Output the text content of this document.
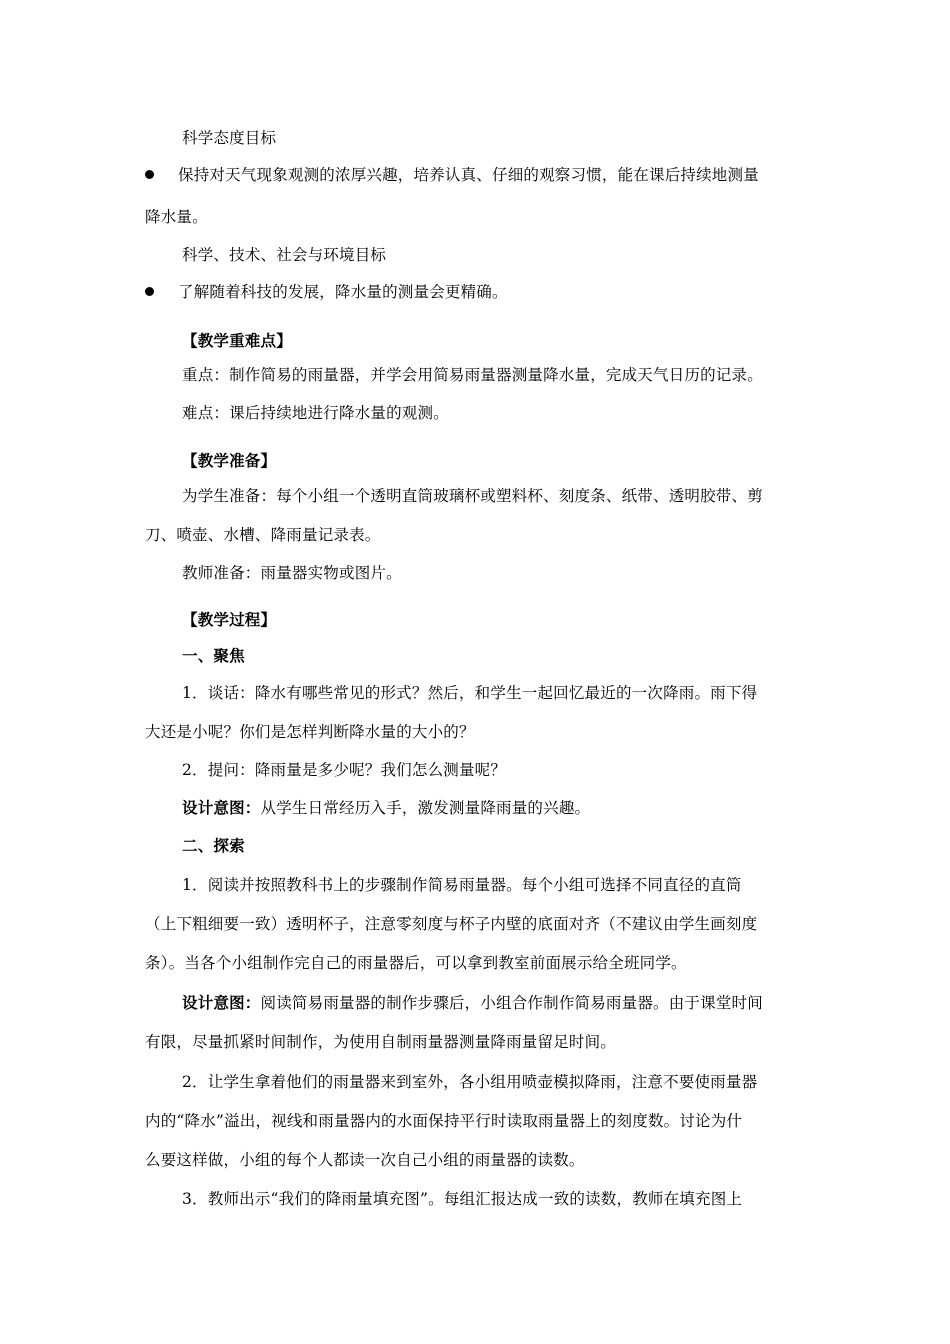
科学态度目标
保持对天气现象观测的浓厚兴趣，培养认真、仔细的观察习惯，能在课后持续地测量
降水量。
科学、技术、社会与环境目标
了解随着科技的发展，降水量的测量会更精确。
【教学重难点】
重点：制作简易的雨量器，并学会用简易雨量器测量降水量，完成天气日历的记录。
难点：课后持续地进行降水量的观测。
【教学准备】
为学生准备：每个小组一个透明直筒玻璃杯或塑料杯、刻度条、纸带、透明胶带、剪
刀、喷壶、水槽、降雨量记录表。
教师准备：雨量器实物或图片。
【教学过程】
一、聚焦
1．谈话：降水有哪些常见的形式？然后，和学生一起回忆最近的一次降雨。雨下得
大还是小呢？你们是怎样判断降水量的大小的？
2．提问：降雨量是多少呢？我们怎么测量呢？
设计意图：从学生日常经历入手，激发测量降雨量的兴趣。
二、探索
1．阅读并按照教科书上的步骤制作简易雨量器。每个小组可选择不同直径的直筒
（上下粗细要一致）透明杯子，注意零刻度与杯子内壁的底面对齐（不建议由学生画刻度
条）。当各个小组制作完自己的雨量器后，可以拿到教室前面展示给全班同学。
设计意图：阅读简易雨量器的制作步骤后，小组合作制作简易雨量器。由于课堂时间
有限，尽量抓紧时间制作，为使用自制雨量器测量降雨量留足时间。
2．让学生拿着他们的雨量器来到室外，各小组用喷壶模拟降雨，注意不要使雨量器
内的“降水”溢出，视线和雨量器内的水面保持平行时读取雨量器上的刻度数。讨论为什
么要这样做，小组的每个人都读一次自己小组的雨量器的读数。
3．教师出示“我们的降雨量填充图”。每组汇报达成一致的读数，教师在填充图上
